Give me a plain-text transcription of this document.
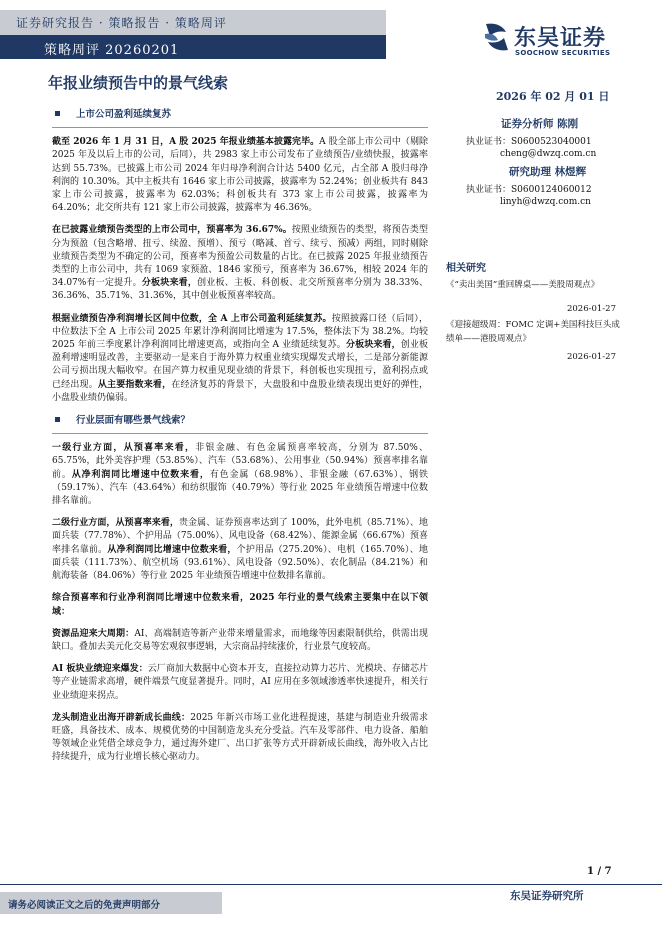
证券研究报告 · 策略报告 · 策略周评
策略周评 20260201	东吴证券
SOOCHOW SECURITIES
年报业绩预告中的景气线索
2026 年 02 月 01 日
上市公司盈利延续复苏

截至 2026 年 1 月 31 日，A 股 2025 年报业绩基本披露完毕。A 股全部上市公司中（剔除 2025 年及以后上市的公司，后同），共 2983 家上市公司发布了业绩预告/业绩快报，披露率达到 55.73%。已披露上市公司 2024 年归母净利润合计达 5400 亿元，占全部 A 股归母净利润的 10.30%。其中主板共有 1646 家上市公司披露，披露率为 52.24%；创业板共有 843 家上市公司披露，披露率为 62.03%；科创板共有 373 家上市公司披露，披露率为 64.20%；北交所共有 121 家上市公司披露，披露率为 46.36%。

在已披露业绩预告类型的上市公司中，预喜率为 36.67%。按照业绩预告的类型，将预告类型分为预盈（包含略增、扭亏、续盈、预增）、预亏（略减、首亏、续亏、预减）两组，同时剔除业绩预告类型为不确定的公司，预喜率为预盈公司数量的占比。在已披露 2025 年报业绩预告类型的上市公司中，共有 1069 家预盈、1846 家预亏，预喜率为 36.67%，相较 2024 年的 34.07%有一定提升。分板块来看，创业板、主板、科创板、北交所预喜率分别为 38.33%、36.36%、35.71%、31.36%，其中创业板预喜率较高。

根据业绩预告净利润增长区间中位数，全 A 上市公司盈利延续复苏。按照披露口径（后同），中位数法下全 A 上市公司 2025 年累计净利润同比增速为 17.5%，整体法下为 38.2%。均较 2025 年前三季度累计净利润同比增速更高，或指向全 A 业绩延续复苏。分板块来看，创业板盈利增速明显改善，主要驱动一是来自于海外算力权重业绩实现爆发式增长，二是部分新能源公司亏损出现大幅收窄。在国产算力权重见现业绩的背景下，科创板也实现扭亏，盈利拐点或已经出现。从主要指数来看，在经济复苏的背景下，大盘股和中盘股业绩表现出更好的弹性，小盘股业绩仍偏弱。

行业层面有哪些景气线索？

一级行业方面，从预喜率来看，非银金融、有色金属预喜率较高，分别为 87.50%、65.75%，此外美容护理（53.85%）、汽车（53.68%）、公用事业（50.94%）预喜率排名靠前。从净利润同比增速中位数来看，有色金属（68.98%）、非银金融（67.63%）、钢铁（59.17%）、汽车（43.64%）和纺织服饰（40.79%）等行业 2025 年业绩预告增速中位数排名靠前。

二级行业方面，从预喜率来看，贵金属、证券预喜率达到了 100%，此外电机（85.71%）、地面兵装（77.78%）、个护用品（75.00%）、风电设备（68.42%）、能源金属（66.67%）预喜率排名靠前。从净利润同比增速中位数来看，个护用品（275.20%）、电机（165.70%）、地面兵装（111.73%）、航空机场（93.61%）、风电设备（92.50%）、农化制品（84.21%）和航海装备（84.06%）等行业 2025 年业绩预告增速中位数排名靠前。

综合预喜率和行业净利润同比增速中位数来看，2025 年行业的景气线索主要集中在以下领域：

资源品迎来大周期：AI、高端制造等新产业带来增量需求，而地缘等因素限制供给，供需出现缺口。叠加去美元化交易等宏观叙事逻辑，大宗商品持续涨价，行业景气度较高。

AI 板块业绩迎来爆发：云厂商加大数据中心资本开支，直接拉动算力芯片、光模块、存储芯片等产业链需求高增，硬件端景气度显著提升。同时，AI 应用在多领域渗透率快速提升，相关行业业绩迎来拐点。

龙头制造业出海开辟新成长曲线：2025 年新兴市场工业化进程提速，基建与制造业升级需求旺盛，具备技术、成本、规模优势的中国制造龙头充分受益。汽车及零部件、电力设备、船舶等领域企业凭借全球竞争力，通过海外建厂、出口扩张等方式开辟新成长曲线，海外收入占比持续提升，成为行业增长核心驱动力。

证券分析师 陈刚
执业证书：S0600523040001
cheng@dwzq.com.cn
研究助理 林煜辉
执业证书：S0600124060012
linyh@dwzq.com.cn
相关研究
《“卖出美国”重回牌桌——美股周观点》
2026-01-27
《迎接超级周：FOMC 定调+美国科技巨头成绩单——港股周观点》
2026-01-27
1 / 7
请务必阅读正文之后的免责声明部分
东吴证券研究所
